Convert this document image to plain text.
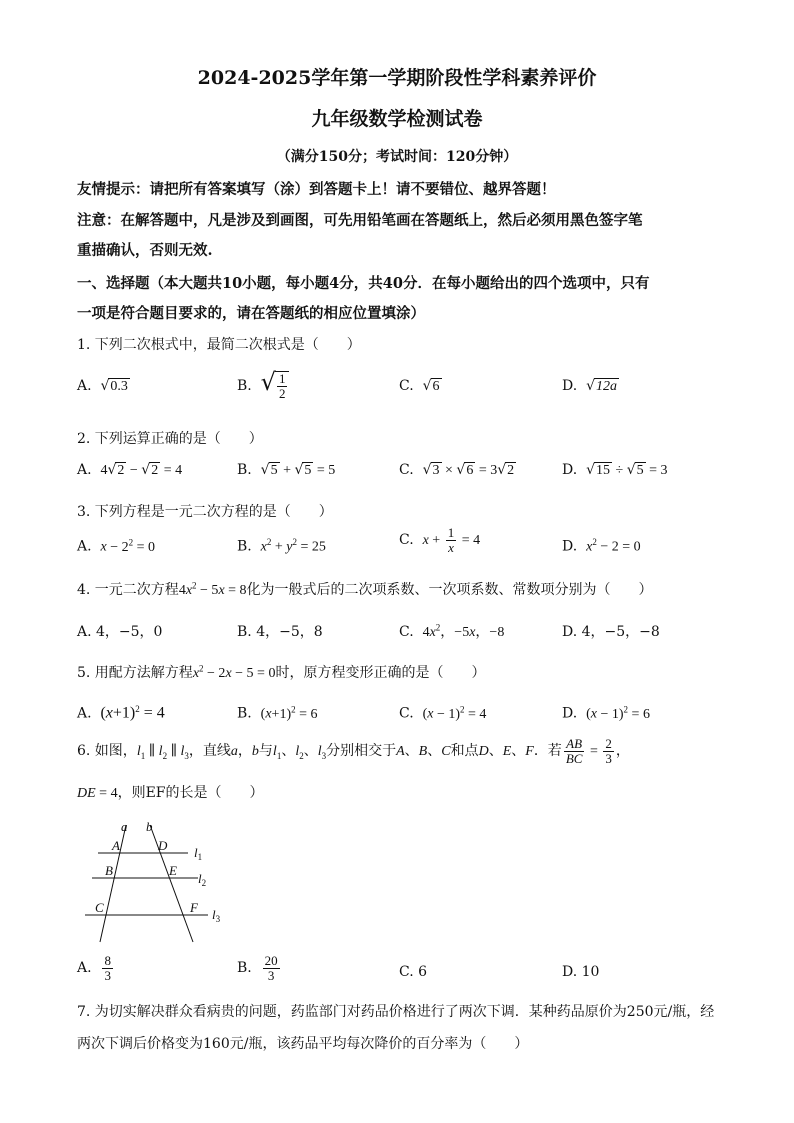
2024-2025学年第一学期阶段性学科素养评价
九年级数学检测试卷
（满分150分；考试时间：120分钟）
友情提示：请把所有答案填写（涂）到答题卡上！请不要错位、越界答题！
注意：在解答题中，凡是涉及到画图，可先用铅笔画在答题纸上，然后必须用黑色签字笔
重描确认，否则无效.
一、选择题（本大题共10小题，每小题4分，共40分．在每小题给出的四个选项中，只有
一项是符合题目要求的，请在答题纸的相应位置填涂）
1. 下列二次根式中，最简二次根式是（　　）
A. √0.3	B. √ $\frac{1}{2}$	C. √6	D. √12a
2. 下列运算正确的是（　　）
A. 4√2 − √2 = 4	B. √5 + √5 = 5	C. √3 × √6 = 3√2	D. √15 ÷ √5 = 3
3. 下列方程是一元二次方程的是（　　）
A. $x - 2^2 = 0$	B. $x^2 + y^2 = 25$	C. $x + \frac{1}{x} = 4$	D. $x^2 - 2 = 0$
4. 一元二次方程$4x^2 - 5x = 8$化为一般式后的二次项系数、一次项系数、常数项分别为（　　）
A. 4，−5，0	B. 4，−5，8	C. $4x^2$，−5x，−8	D. 4，−5，−8
5. 用配方法解方程$x^2 - 2x - 5 = 0$时，原方程变形正确的是（　　）
A. $(x+1)^2 = 4$	B. $(x+1)^2 = 6$	C. $(x - 1)^2 = 4$	D. $(x - 1)^2 = 6$
6. 如图，$l_1$ ∥ $l_2$ ∥ $l_3$，直线a，b与$l_1$、$l_2$、$l_3$分别相交于A、B、C和点D、E、F．若 $\frac{AB}{BC} = \frac{2}{3}$ ，
DE = 4，则EF的长是（　　）
a b
A	D
B	E
C	F
$l_1$
$l_2$
$l_3$
A. $\frac{8}{3}$	B. $\frac{20}{3}$	C. 6	D. 10
7. 为切实解决群众看病贵的问题，药监部门对药品价格进行了两次下调．某种药品原价为250元/瓶，经
两次下调后价格变为160元/瓶，该药品平均每次降价的百分率为（　　）
